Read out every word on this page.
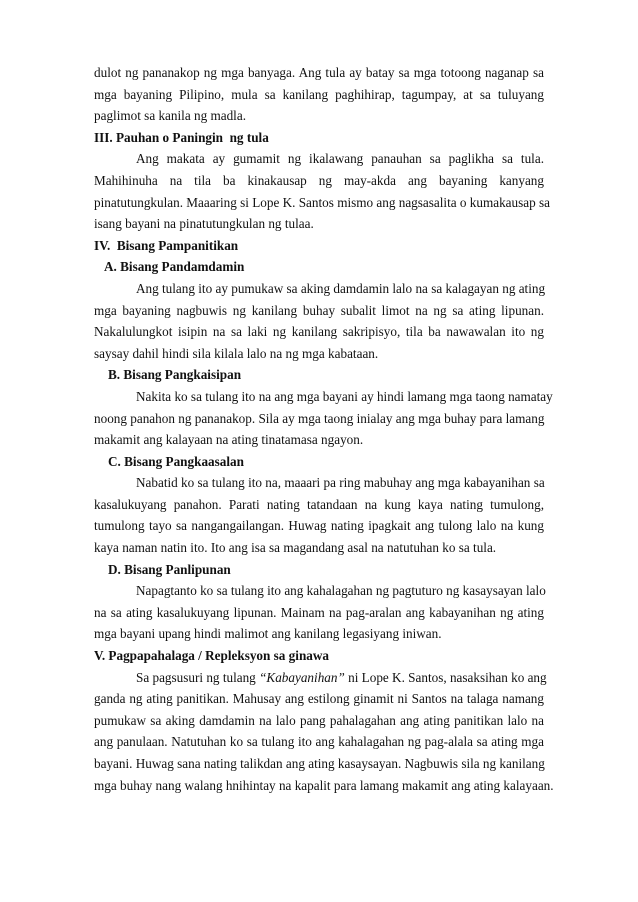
dulot ng pananakop ng mga banyaga. Ang tula ay batay sa mga totoong naganap sa
mga bayaning Pilipino, mula sa kanilang paghihirap, tagumpay, at sa tuluyang
paglimot sa kanila ng madla.
III. Pauhan o Paningin  ng tula
Ang makata ay gumamit ng ikalawang panauhan sa paglikha sa tula.
Mahihinuha na tila ba kinakausap ng may-akda ang bayaning kanyang
pinatutungkulan. Maaaring si Lope K. Santos mismo ang nagsasalita o kumakausap sa
isang bayani na pinatutungkulan ng tulaa.
IV.  Bisang Pampanitikan
A. Bisang Pandamdamin
Ang tulang ito ay pumukaw sa aking damdamin lalo na sa kalagayan ng ating
mga bayaning nagbuwis ng kanilang buhay subalit limot na ng sa ating lipunan.
Nakalulungkot isipin na sa laki ng kanilang sakripisyo, tila ba nawawalan ito ng
saysay dahil hindi sila kilala lalo na ng mga kabataan.
B. Bisang Pangkaisipan
Nakita ko sa tulang ito na ang mga bayani ay hindi lamang mga taong namatay
noong panahon ng pananakop. Sila ay mga taong inialay ang mga buhay para lamang
makamit ang kalayaan na ating tinatamasa ngayon.
C. Bisang Pangkaasalan
Nabatid ko sa tulang ito na, maaari pa ring mabuhay ang mga kabayanihan sa
kasalukuyang panahon. Parati nating tatandaan na kung kaya nating tumulong,
tumulong tayo sa nangangailangan. Huwag nating ipagkait ang tulong lalo na kung
kaya naman natin ito. Ito ang isa sa magandang asal na natutuhan ko sa tula.
D. Bisang Panlipunan
Napagtanto ko sa tulang ito ang kahalagahan ng pagtuturo ng kasaysayan lalo
na sa ating kasalukuyang lipunan. Mainam na pag-aralan ang kabayanihan ng ating
mga bayani upang hindi malimot ang kanilang legasiyang iniwan.
V. Pagpapahalaga / Repleksyon sa ginawa
Sa pagsusuri ng tulang “Kabayanihan” ni Lope K. Santos, nasaksihan ko ang
ganda ng ating panitikan. Mahusay ang estilong ginamit ni Santos na talaga namang
pumukaw sa aking damdamin na lalo pang pahalagahan ang ating panitikan lalo na
ang panulaan. Natutuhan ko sa tulang ito ang kahalagahan ng pag-alala sa ating mga
bayani. Huwag sana nating talikdan ang ating kasaysayan. Nagbuwis sila ng kanilang
mga buhay nang walang hnihintay na kapalit para lamang makamit ang ating kalayaan.
